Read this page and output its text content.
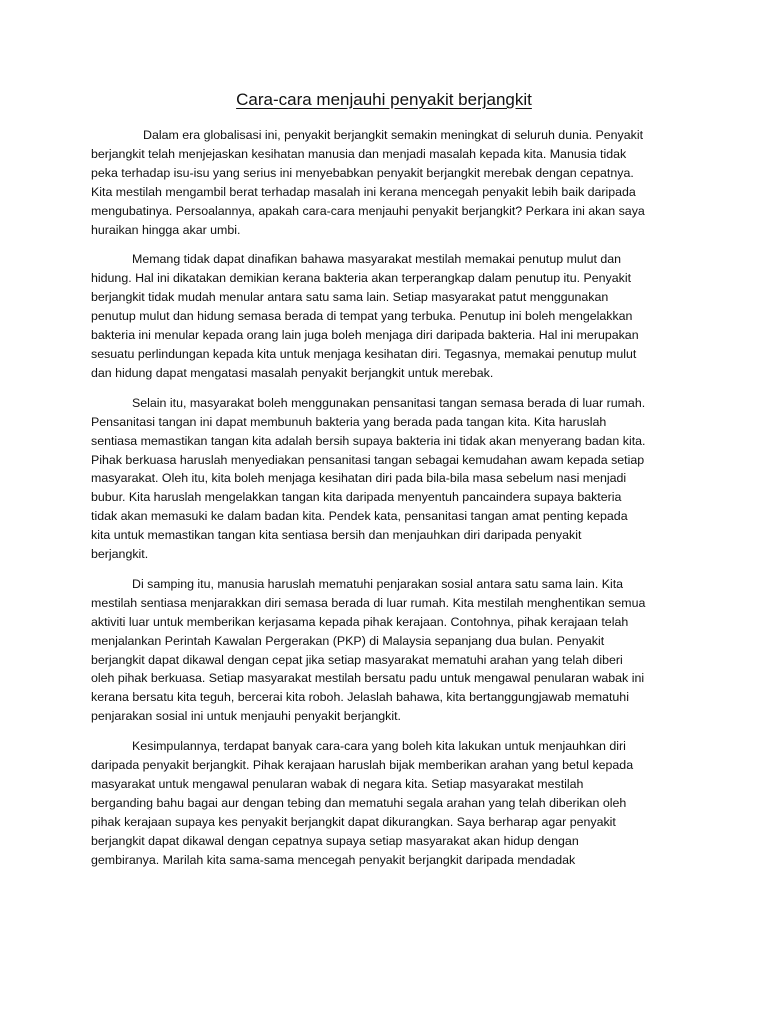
Cara-cara menjauhi penyakit berjangkit

Dalam era globalisasi ini, penyakit berjangkit semakin meningkat di seluruh dunia. Penyakit
berjangkit telah menjejaskan kesihatan manusia dan menjadi masalah kepada kita. Manusia tidak
peka terhadap isu-isu yang serius ini menyebabkan penyakit berjangkit merebak dengan cepatnya.
Kita mestilah mengambil berat terhadap masalah ini kerana mencegah penyakit lebih baik daripada
mengubatinya. Persoalannya, apakah cara-cara menjauhi penyakit berjangkit? Perkara ini akan saya
huraikan hingga akar umbi.

Memang tidak dapat dinafikan bahawa masyarakat mestilah memakai penutup mulut dan
hidung. Hal ini dikatakan demikian kerana bakteria akan terperangkap dalam penutup itu. Penyakit
berjangkit tidak mudah menular antara satu sama lain. Setiap masyarakat patut menggunakan
penutup mulut dan hidung semasa berada di tempat yang terbuka. Penutup ini boleh mengelakkan
bakteria ini menular kepada orang lain juga boleh menjaga diri daripada bakteria. Hal ini merupakan
sesuatu perlindungan kepada kita untuk menjaga kesihatan diri. Tegasnya, memakai penutup mulut
dan hidung dapat mengatasi masalah penyakit berjangkit untuk merebak.

Selain itu, masyarakat boleh menggunakan pensanitasi tangan semasa berada di luar rumah.
Pensanitasi tangan ini dapat membunuh bakteria yang berada pada tangan kita. Kita haruslah
sentiasa memastikan tangan kita adalah bersih supaya bakteria ini tidak akan menyerang badan kita.
Pihak berkuasa haruslah menyediakan pensanitasi tangan sebagai kemudahan awam kepada setiap
masyarakat. Oleh itu, kita boleh menjaga kesihatan diri pada bila-bila masa sebelum nasi menjadi
bubur. Kita haruslah mengelakkan tangan kita daripada menyentuh pancaindera supaya bakteria
tidak akan memasuki ke dalam badan kita. Pendek kata, pensanitasi tangan amat penting kepada
kita untuk memastikan tangan kita sentiasa bersih dan menjauhkan diri daripada penyakit
berjangkit.

Di samping itu, manusia haruslah mematuhi penjarakan sosial antara satu sama lain. Kita
mestilah sentiasa menjarakkan diri semasa berada di luar rumah. Kita mestilah menghentikan semua
aktiviti luar untuk memberikan kerjasama kepada pihak kerajaan. Contohnya, pihak kerajaan telah
menjalankan Perintah Kawalan Pergerakan (PKP) di Malaysia sepanjang dua bulan. Penyakit
berjangkit dapat dikawal dengan cepat jika setiap masyarakat mematuhi arahan yang telah diberi
oleh pihak berkuasa. Setiap masyarakat mestilah bersatu padu untuk mengawal penularan wabak ini
kerana bersatu kita teguh, bercerai kita roboh. Jelaslah bahawa, kita bertanggungjawab mematuhi
penjarakan sosial ini untuk menjauhi penyakit berjangkit.

Kesimpulannya, terdapat banyak cara-cara yang boleh kita lakukan untuk menjauhkan diri
daripada penyakit berjangkit. Pihak kerajaan haruslah bijak memberikan arahan yang betul kepada
masyarakat untuk mengawal penularan wabak di negara kita. Setiap masyarakat mestilah
berganding bahu bagai aur dengan tebing dan mematuhi segala arahan yang telah diberikan oleh
pihak kerajaan supaya kes penyakit berjangkit dapat dikurangkan. Saya berharap agar penyakit
berjangkit dapat dikawal dengan cepatnya supaya setiap masyarakat akan hidup dengan
gembiranya. Marilah kita sama-sama mencegah penyakit berjangkit daripada mendadak
